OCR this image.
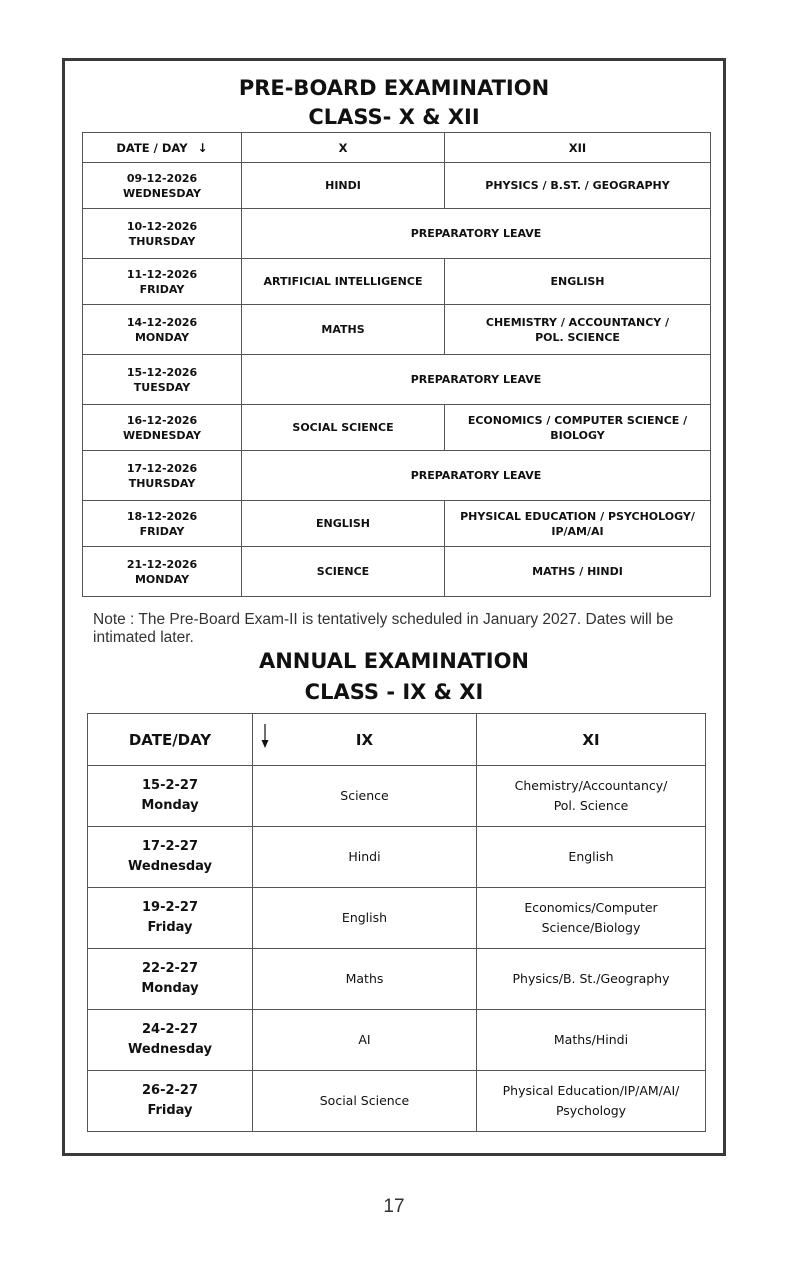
PRE-BOARD EXAMINATION
CLASS- X & XII
DATE / DAY ↓	X	XII
09-12-2026
WEDNESDAY	HINDI	PHYSICS / B.ST. / GEOGRAPHY
10-12-2026
THURSDAY	PREPARATORY LEAVE	
11-12-2026
FRIDAY	ARTIFICIAL INTELLIGENCE	ENGLISH
14-12-2026
MONDAY	MATHS	CHEMISTRY / ACCOUNTANCY /
POL. SCIENCE
15-12-2026
TUESDAY	PREPARATORY LEAVE	
16-12-2026
WEDNESDAY	SOCIAL SCIENCE	ECONOMICS / COMPUTER SCIENCE /
BIOLOGY
17-12-2026
THURSDAY	PREPARATORY LEAVE	
18-12-2026
FRIDAY	ENGLISH	PHYSICAL EDUCATION / PSYCHOLOGY/
IP/AM/AI
21-12-2026
MONDAY	SCIENCE	MATHS / HINDI
Note : The Pre-Board Exam-II is tentatively scheduled in January 2027. Dates will be intimated later.
ANNUAL EXAMINATION
CLASS - IX & XI
DATE/DAY	IX	XI
15-2-27
Monday	Science	Chemistry/Accountancy/
Pol. Science
17-2-27
Wednesday	Hindi	English
19-2-27
Friday	English	Economics/Computer
Science/Biology
22-2-27
Monday	Maths	Physics/B. St./Geography
24-2-27
Wednesday	AI	Maths/Hindi
26-2-27
Friday	Social Science	Physical Education/IP/AM/AI/
Psychology
17
